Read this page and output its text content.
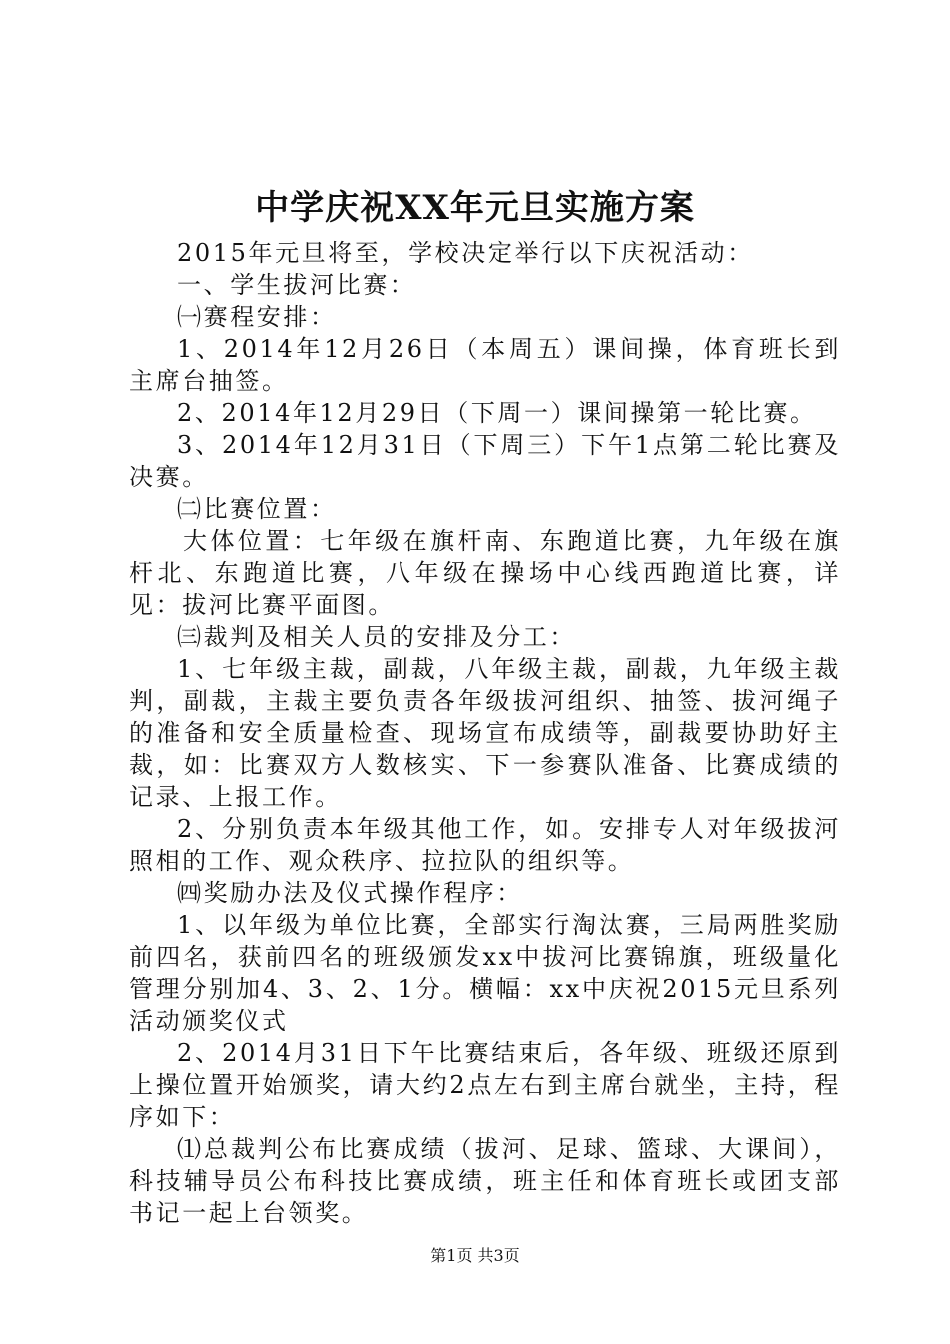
中学庆祝XX年元旦实施方案

2015年元旦将至，学校决定举行以下庆祝活动：

一、学生拔河比赛：

㈠赛程安排：

1、2014年12月26日（本周五）课间操，体育班长到主席台抽签。

2、2014年12月29日（下周一）课间操第一轮比赛。

3、2014年12月31日（下周三）下午1点第二轮比赛及决赛。

㈡比赛位置：

大体位置：七年级在旗杆南、东跑道比赛，九年级在旗杆北、东跑道比赛，八年级在操场中心线西跑道比赛，详见：拔河比赛平面图。

㈢裁判及相关人员的安排及分工：

1、七年级主裁，副裁，八年级主裁，副裁，九年级主裁判，副裁，主裁主要负责各年级拔河组织、抽签、拔河绳子的准备和安全质量检查、现场宣布成绩等，副裁要协助好主裁，如：比赛双方人数核实、下一参赛队准备、比赛成绩的记录、上报工作。

2、分别负责本年级其他工作，如。安排专人对年级拔河照相的工作、观众秩序、拉拉队的组织等。

㈣奖励办法及仪式操作程序：

1、以年级为单位比赛，全部实行淘汰赛，三局两胜奖励前四名，获前四名的班级颁发xx中拔河比赛锦旗，班级量化管理分别加4、3、2、1分。横幅：xx中庆祝2015元旦系列活动颁奖仪式

2、2014月31日下午比赛结束后，各年级、班级还原到上操位置开始颁奖，请大约2点左右到主席台就坐，主持，程序如下：

⑴总裁判公布比赛成绩（拔河、足球、篮球、大课间），科技辅导员公布科技比赛成绩，班主任和体育班长或团支部书记一起上台领奖。

第1页 共3页
